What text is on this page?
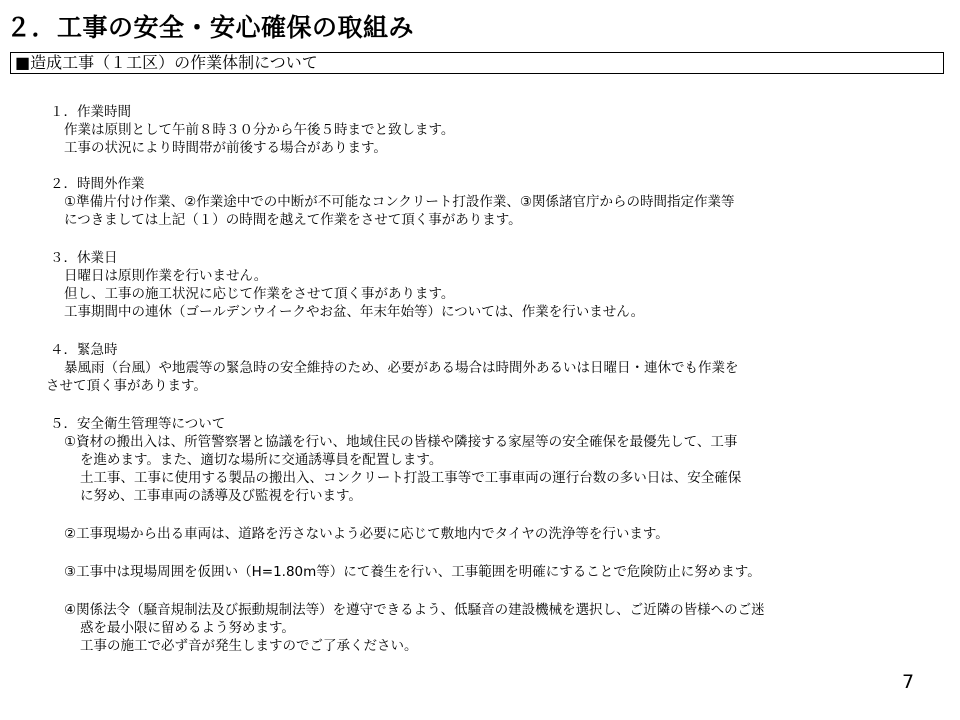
２．工事の安全・安心確保の取組み
■造成工事（１工区）の作業体制について
１．作業時間
作業は原則として午前８時３０分から午後５時までと致します。
工事の状況により時間帯が前後する場合があります。
２．時間外作業
①準備片付け作業、②作業途中での中断が不可能なコンクリート打設作業、③関係諸官庁からの時間指定作業等
につきましては上記（１）の時間を越えて作業をさせて頂く事があります。
３．休業日
日曜日は原則作業を行いません。
但し、工事の施工状況に応じて作業をさせて頂く事があります。
工事期間中の連休（ゴールデンウイークやお盆、年末年始等）については、作業を行いません。
４．緊急時
暴風雨（台風）や地震等の緊急時の安全維持のため、必要がある場合は時間外あるいは日曜日・連休でも作業を
させて頂く事があります。
５．安全衛生管理等について
①資材の搬出入は、所管警察署と協議を行い、地域住民の皆様や隣接する家屋等の安全確保を最優先して、工事
を進めます。また、適切な場所に交通誘導員を配置します。
土工事、工事に使用する製品の搬出入、コンクリート打設工事等で工事車両の運行台数の多い日は、安全確保
に努め、工事車両の誘導及び監視を行います。
②工事現場から出る車両は、道路を汚さないよう必要に応じて敷地内でタイヤの洗浄等を行います。
③工事中は現場周囲を仮囲い（H=1.80m等）にて養生を行い、工事範囲を明確にすることで危険防止に努めます。
④関係法令（騒音規制法及び振動規制法等）を遵守できるよう、低騒音の建設機械を選択し、ご近隣の皆様へのご迷
惑を最小限に留めるよう努めます。
工事の施工で必ず音が発生しますのでご了承ください。
7
